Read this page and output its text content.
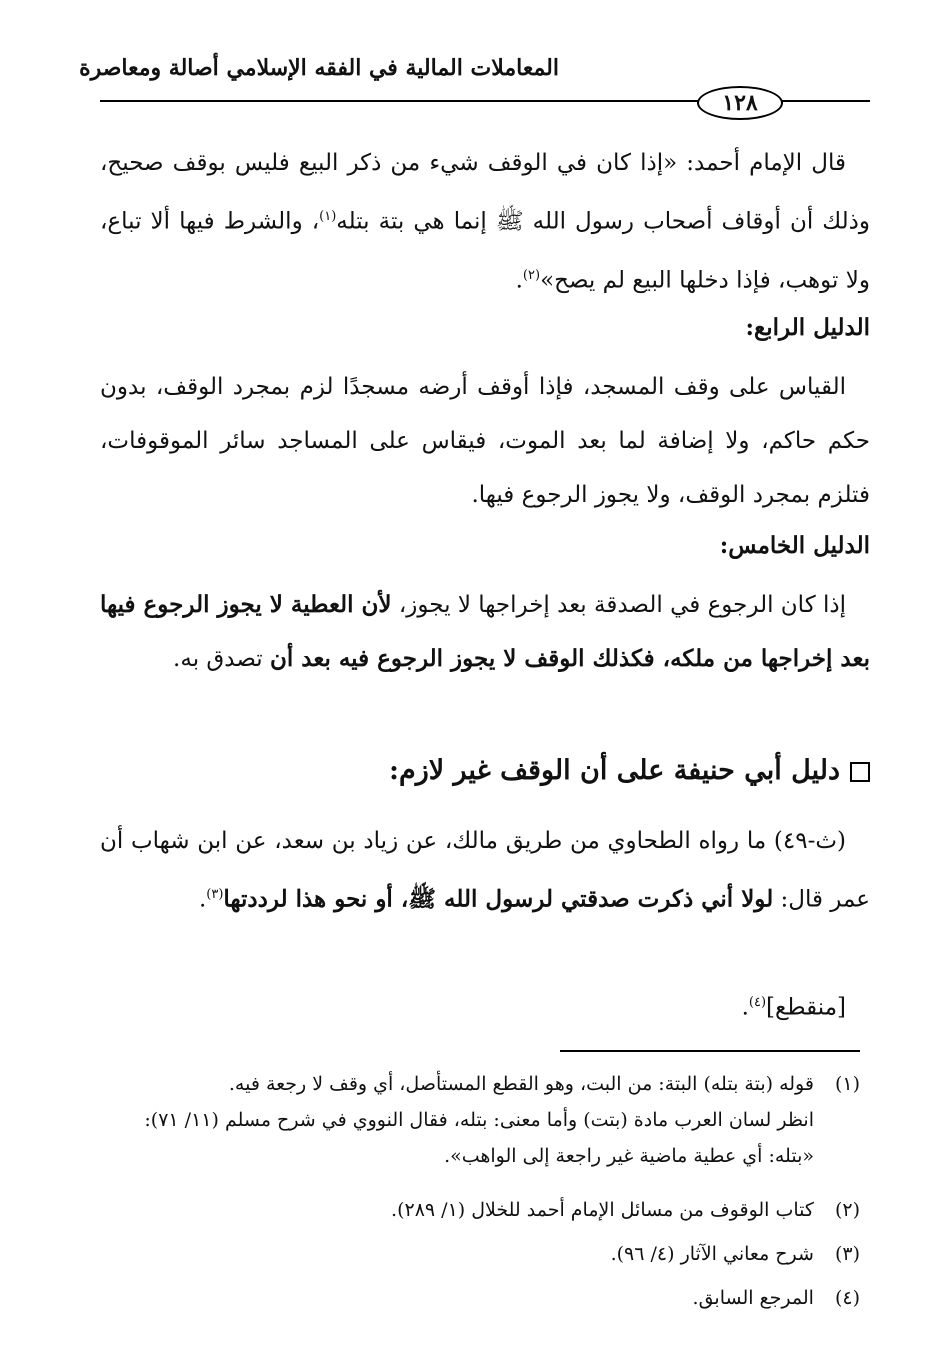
المعاملات المالية في الفقه الإسلامي أصالة ومعاصرة
١٢٨
قال الإمام أحمد: «إذا كان في الوقف شيء من ذكر البيع فليس بوقف صحيح، وذلك أن أوقاف أصحاب رسول الله ﷺ إنما هي بتة بتله$^{(١)}$، والشرط فيها ألا تباع، ولا توهب، فإذا دخلها البيع لم يصح»$^{(٢)}$.
الدليل الرابع:
القياس على وقف المسجد، فإذا أوقف أرضه مسجدًا لزم بمجرد الوقف، بدون حكم حاكم، ولا إضافة لما بعد الموت، فيقاس على المساجد سائر الموقوفات، فتلزم بمجرد الوقف، ولا يجوز الرجوع فيها.
الدليل الخامس:
إذا كان الرجوع في الصدقة بعد إخراجها لا يجوز، لأن العطية لا يجوز الرجوع فيها بعد إخراجها من ملكه، فكذلك الوقف لا يجوز الرجوع فيه بعد أن تصدق به.
دليل أبي حنيفة على أن الوقف غير لازم:
(ث-٤٩) ما رواه الطحاوي من طريق مالك، عن زياد بن سعد، عن ابن شهاب أن عمر قال: لولا أني ذكرت صدقتي لرسول الله ﷺ، أو نحو هذا لرددتها$^{(٣)}$.
[منقطع]$^{(٤)}$.
(١) قوله (بتة بتله) البتة: من البت، وهو القطع المستأصل، أي وقف لا رجعة فيه.
انظر لسان العرب مادة (بتت) وأما معنى: بتله، فقال النووي في شرح مسلم (١١/ ٧١):
«بتله: أي عطية ماضية غير راجعة إلى الواهب».
(٢) كتاب الوقوف من مسائل الإمام أحمد للخلال (١/ ٢٨٩).
(٣) شرح معاني الآثار (٤/ ٩٦).
(٤) المرجع السابق.
